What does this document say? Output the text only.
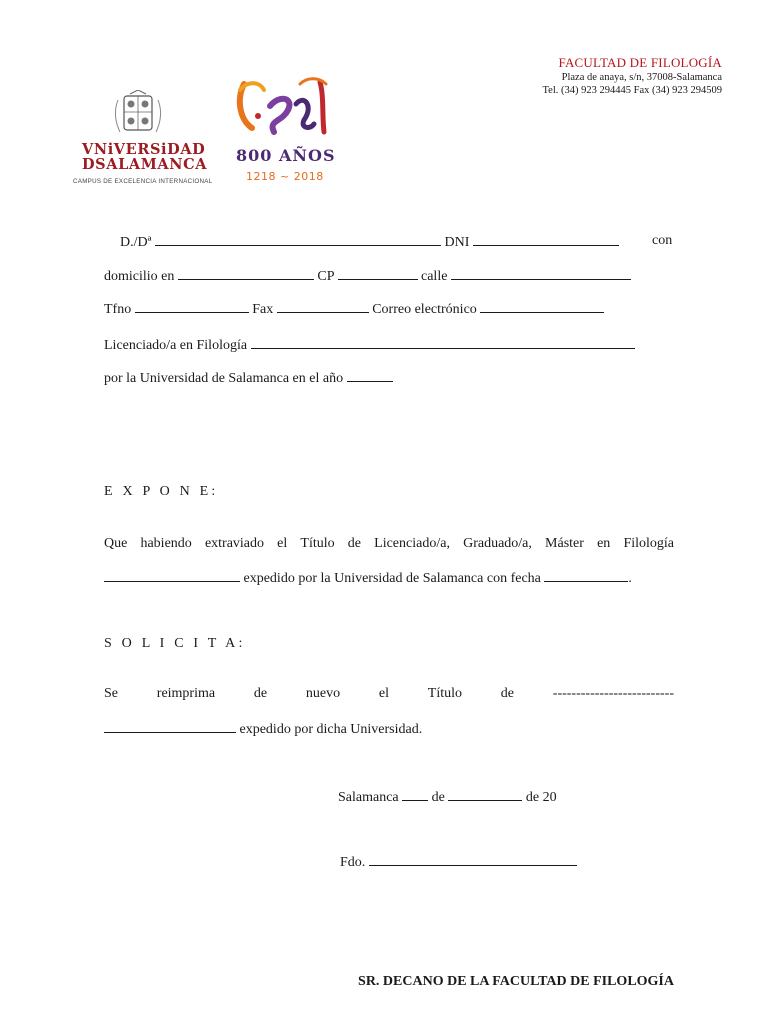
FACULTAD DE FILOLOGÍA
Plaza de anaya, s/n, 37008-Salamanca
Tel. (34) 923 294445 Fax (34) 923 294509
VNiVERSiDAD
DSALAMANCA
CAMPUS DE EXCELENCIA INTERNACIONAL
800 AÑOS
1218 ~ 2018
D./Dª	DNI	con
domicilio en	CP	calle
Tfno	Fax	Correo electrónico
Licenciado/a en Filología
por la Universidad de Salamanca en el año
E X P O N E:
Que habiendo extraviado el Título de Licenciado/a, Graduado/a, Máster en Filología
expedido por la Universidad de Salamanca con fecha	.
S O L I C I T A:
Se	reimprima	de	nuevo	el	Título	de	--------------------------
expedido por dicha Universidad.
Salamanca de	de 20
Fdo.
SR. DECANO DE LA FACULTAD DE FILOLOGÍA
